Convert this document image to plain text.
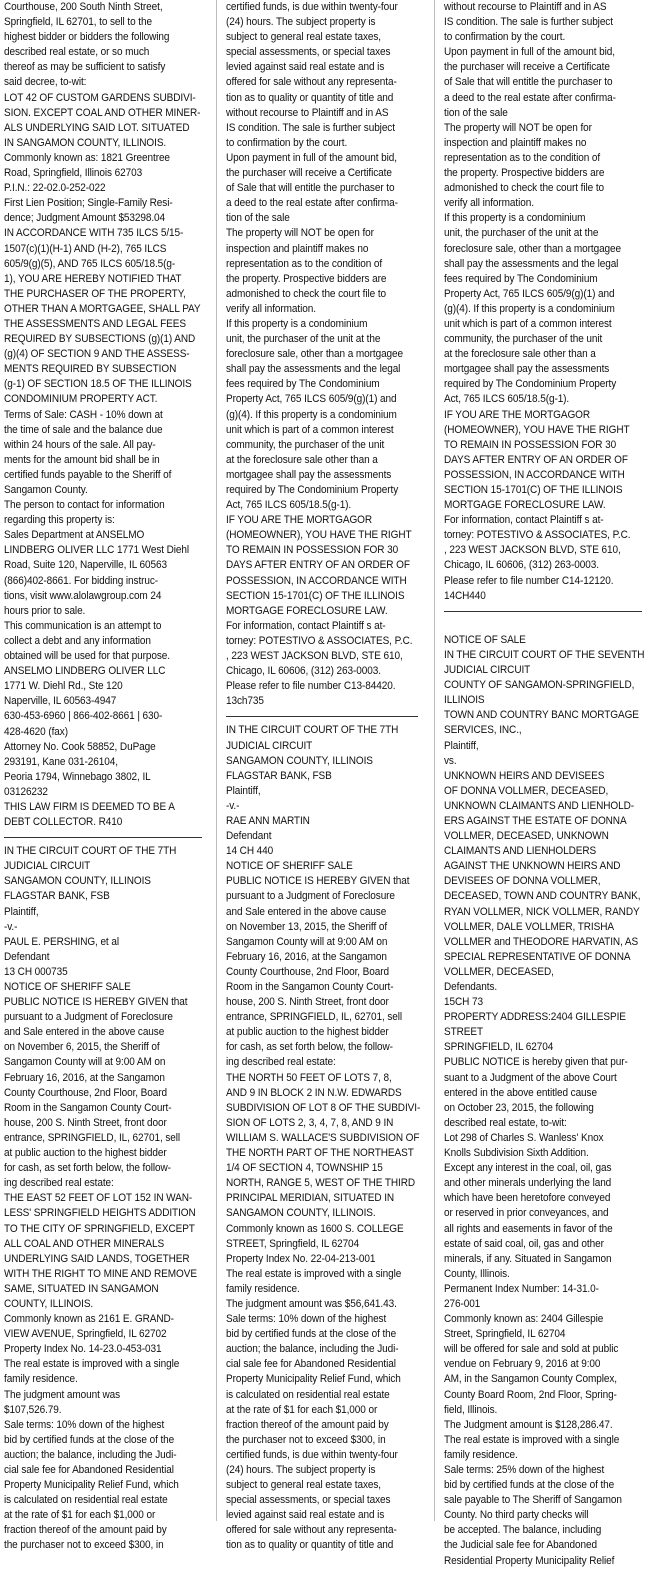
Courthouse, 200 South Ninth Street,
Springfield, IL 62701, to sell to the
highest bidder or bidders the following
described real estate, or so much
thereof as may be sufficient to satisfy
said decree, to-wit:
LOT 42 OF CUSTOM GARDENS SUBDIVI-
SION. EXCEPT COAL AND OTHER MINER-
ALS UNDERLYING SAID LOT. SITUATED
IN SANGAMON COUNTY, ILLINOIS.
Commonly known as: 1821 Greentree
Road, Springfield, Illinois 62703
P.I.N.: 22-02.0-252-022
First Lien Position; Single-Family Resi-
dence; Judgment Amount $53298.04
IN ACCORDANCE WITH 735 ILCS 5/15-
1507(c)(1)(H-1) AND (H-2), 765 ILCS
605/9(g)(5), AND 765 ILCS 605/18.5(g-
1), YOU ARE HEREBY NOTIFIED THAT
THE PURCHASER OF THE PROPERTY,
OTHER THAN A MORTGAGEE, SHALL PAY
THE ASSESSMENTS AND LEGAL FEES
REQUIRED BY SUBSECTIONS (g)(1) AND
(g)(4) OF SECTION 9 AND THE ASSESS-
MENTS REQUIRED BY SUBSECTION
(g-1) OF SECTION 18.5 OF THE ILLINOIS
CONDOMINIUM PROPERTY ACT.
Terms of Sale: CASH - 10% down at
the time of sale and the balance due
within 24 hours of the sale. All pay-
ments for the amount bid shall be in
certified funds payable to the Sheriff of
Sangamon County.
The person to contact for information
regarding this property is:
Sales Department at ANSELMO
LINDBERG OLIVER LLC 1771 West Diehl
Road, Suite 120, Naperville, IL 60563
(866)402-8661. For bidding instruc-
tions, visit www.alolawgroup.com 24
hours prior to sale.
This communication is an attempt to
collect a debt and any information
obtained will be used for that purpose.
ANSELMO LINDBERG OLIVER LLC
1771 W. Diehl Rd., Ste 120
Naperville, IL 60563-4947
630-453-6960 | 866-402-8661 | 630-
428-4620 (fax)
Attorney No. Cook 58852, DuPage
293191, Kane 031-26104,
Peoria 1794, Winnebago 3802, IL
03126232
THIS LAW FIRM IS DEEMED TO BE A
DEBT COLLECTOR. R410
IN THE CIRCUIT COURT OF THE 7TH
JUDICIAL CIRCUIT
SANGAMON COUNTY, ILLINOIS
FLAGSTAR BANK, FSB
Plaintiff,
-v.-
PAUL E. PERSHING, et al
Defendant
13 CH 000735
NOTICE OF SHERIFF SALE
PUBLIC NOTICE IS HEREBY GIVEN that
pursuant to a Judgment of Foreclosure
and Sale entered in the above cause
on November 6, 2015, the Sheriff of
Sangamon County will at 9:00 AM on
February 16, 2016, at the Sangamon
County Courthouse, 2nd Floor, Board
Room in the Sangamon County Court-
house, 200 S. Ninth Street, front door
entrance, SPRINGFIELD, IL, 62701, sell
at public auction to the highest bidder
for cash, as set forth below, the follow-
ing described real estate:
THE EAST 52 FEET OF LOT 152 IN WAN-
LESS' SPRINGFIELD HEIGHTS ADDITION
TO THE CITY OF SPRINGFIELD, EXCEPT
ALL COAL AND OTHER MINERALS
UNDERLYING SAID LANDS, TOGETHER
WITH THE RIGHT TO MINE AND REMOVE
SAME, SITUATED IN SANGAMON
COUNTY, ILLINOIS.
Commonly known as 2161 E. GRAND-
VIEW AVENUE, Springfield, IL 62702
Property Index No. 14-23.0-453-031
The real estate is improved with a single
family residence.
The judgment amount was
$107,526.79.
Sale terms: 10% down of the highest
bid by certified funds at the close of the
auction; the balance, including the Judi-
cial sale fee for Abandoned Residential
Property Municipality Relief Fund, which
is calculated on residential real estate
at the rate of $1 for each $1,000 or
fraction thereof of the amount paid by
the purchaser not to exceed $300, in
certified funds, is due within twenty-four
(24) hours. The subject property is
subject to general real estate taxes,
special assessments, or special taxes
levied against said real estate and is
offered for sale without any representa-
tion as to quality or quantity of title and
without recourse to Plaintiff and in AS
IS condition. The sale is further subject
to confirmation by the court.
Upon payment in full of the amount bid,
the purchaser will receive a Certificate
of Sale that will entitle the purchaser to
a deed to the real estate after confirma-
tion of the sale
The property will NOT be open for
inspection and plaintiff makes no
representation as to the condition of
the property. Prospective bidders are
admonished to check the court file to
verify all information.
If this property is a condominium
unit, the purchaser of the unit at the
foreclosure sale, other than a mortgagee
shall pay the assessments and the legal
fees required by The Condominium
Property Act, 765 ILCS 605/9(g)(1) and
(g)(4). If this property is a condominium
unit which is part of a common interest
community, the purchaser of the unit
at the foreclosure sale other than a
mortgagee shall pay the assessments
required by The Condominium Property
Act, 765 ILCS 605/18.5(g-1).
IF YOU ARE THE MORTGAGOR
(HOMEOWNER), YOU HAVE THE RIGHT
TO REMAIN IN POSSESSION FOR 30
DAYS AFTER ENTRY OF AN ORDER OF
POSSESSION, IN ACCORDANCE WITH
SECTION 15-1701(C) OF THE ILLINOIS
MORTGAGE FORECLOSURE LAW.
For information, contact Plaintiff s at-
torney: POTESTIVO & ASSOCIATES, P.C.
, 223 WEST JACKSON BLVD, STE 610,
Chicago, IL 60606, (312) 263-0003.
Please refer to file number C13-84420.
13ch735
IN THE CIRCUIT COURT OF THE 7TH
JUDICIAL CIRCUIT
SANGAMON COUNTY, ILLINOIS
FLAGSTAR BANK, FSB
Plaintiff,
-v.-
RAE ANN MARTIN
Defendant
14 CH 440
NOTICE OF SHERIFF SALE
PUBLIC NOTICE IS HEREBY GIVEN that
pursuant to a Judgment of Foreclosure
and Sale entered in the above cause
on November 13, 2015, the Sheriff of
Sangamon County will at 9:00 AM on
February 16, 2016, at the Sangamon
County Courthouse, 2nd Floor, Board
Room in the Sangamon County Court-
house, 200 S. Ninth Street, front door
entrance, SPRINGFIELD, IL, 62701, sell
at public auction to the highest bidder
for cash, as set forth below, the follow-
ing described real estate:
THE NORTH 50 FEET OF LOTS 7, 8,
AND 9 IN BLOCK 2 IN N.W. EDWARDS
SUBDIVISION OF LOT 8 OF THE SUBDIVI-
SION OF LOTS 2, 3, 4, 7, 8, AND 9 IN
WILLIAM S. WALLACE'S SUBDIVISION OF
THE NORTH PART OF THE NORTHEAST
1/4 OF SECTION 4, TOWNSHIP 15
NORTH, RANGE 5, WEST OF THE THIRD
PRINCIPAL MERIDIAN, SITUATED IN
SANGAMON COUNTY, ILLINOIS.
Commonly known as 1600 S. COLLEGE
STREET, Springfield, IL 62704
Property Index No. 22-04-213-001
The real estate is improved with a single
family residence.
The judgment amount was $56,641.43.
Sale terms: 10% down of the highest
bid by certified funds at the close of the
auction; the balance, including the Judi-
cial sale fee for Abandoned Residential
Property Municipality Relief Fund, which
is calculated on residential real estate
at the rate of $1 for each $1,000 or
fraction thereof of the amount paid by
the purchaser not to exceed $300, in
certified funds, is due within twenty-four
(24) hours. The subject property is
subject to general real estate taxes,
special assessments, or special taxes
levied against said real estate and is
offered for sale without any representa-
tion as to quality or quantity of title and
without recourse to Plaintiff and in AS
IS condition. The sale is further subject
to confirmation by the court.
Upon payment in full of the amount bid,
the purchaser will receive a Certificate
of Sale that will entitle the purchaser to
a deed to the real estate after confirma-
tion of the sale
The property will NOT be open for
inspection and plaintiff makes no
representation as to the condition of
the property. Prospective bidders are
admonished to check the court file to
verify all information.
If this property is a condominium
unit, the purchaser of the unit at the
foreclosure sale, other than a mortgagee
shall pay the assessments and the legal
fees required by The Condominium
Property Act, 765 ILCS 605/9(g)(1) and
(g)(4). If this property is a condominium
unit which is part of a common interest
community, the purchaser of the unit
at the foreclosure sale other than a
mortgagee shall pay the assessments
required by The Condominium Property
Act, 765 ILCS 605/18.5(g-1).
IF YOU ARE THE MORTGAGOR
(HOMEOWNER), YOU HAVE THE RIGHT
TO REMAIN IN POSSESSION FOR 30
DAYS AFTER ENTRY OF AN ORDER OF
POSSESSION, IN ACCORDANCE WITH
SECTION 15-1701(C) OF THE ILLINOIS
MORTGAGE FORECLOSURE LAW.
For information, contact Plaintiff s at-
torney: POTESTIVO & ASSOCIATES, P.C.
, 223 WEST JACKSON BLVD, STE 610,
Chicago, IL 60606, (312) 263-0003.
Please refer to file number C14-12120.
14CH440
NOTICE OF SALE
IN THE CIRCUIT COURT OF THE SEVENTH
JUDICIAL CIRCUIT
COUNTY OF SANGAMON-SPRINGFIELD,
ILLINOIS
TOWN AND COUNTRY BANC MORTGAGE
SERVICES, INC.,
Plaintiff,
vs.
UNKNOWN HEIRS AND DEVISEES
OF DONNA VOLLMER, DECEASED,
UNKNOWN CLAIMANTS AND LIENHOLD-
ERS AGAINST THE ESTATE OF DONNA
VOLLMER, DECEASED, UNKNOWN
CLAIMANTS AND LIENHOLDERS
AGAINST THE UNKNOWN HEIRS AND
DEVISEES OF DONNA VOLLMER,
DECEASED, TOWN AND COUNTRY BANK,
RYAN VOLLMER, NICK VOLLMER, RANDY
VOLLMER, DALE VOLLMER, TRISHA
VOLLMER and THEODORE HARVATIN, AS
SPECIAL REPRESENTATIVE OF DONNA
VOLLMER, DECEASED,
Defendants.
15CH 73
PROPERTY ADDRESS:2404 GILLESPIE
STREET
SPRINGFIELD, IL 62704
PUBLIC NOTICE is hereby given that pur-
suant to a Judgment of the above Court
entered in the above entitled cause
on October 23, 2015, the following
described real estate, to-wit:
Lot 298 of Charles S. Wanless' Knox
Knolls Subdivision Sixth Addition.
Except any interest in the coal, oil, gas
and other minerals underlying the land
which have been heretofore conveyed
or reserved in prior conveyances, and
all rights and easements in favor of the
estate of said coal, oil, gas and other
minerals, if any. Situated in Sangamon
County, Illinois.
Permanent Index Number: 14-31.0-
276-001
Commonly known as: 2404 Gillespie
Street, Springfield, IL 62704
will be offered for sale and sold at public
vendue on February 9, 2016 at 9:00
AM, in the Sangamon County Complex,
County Board Room, 2nd Floor, Spring-
field, Illinois.
The Judgment amount is $128,286.47.
The real estate is improved with a single
family residence.
Sale terms: 25% down of the highest
bid by certified funds at the close of the
sale payable to The Sheriff of Sangamon
County. No third party checks will
be accepted. The balance, including
the Judicial sale fee for Abandoned
Residential Property Municipality Relief
